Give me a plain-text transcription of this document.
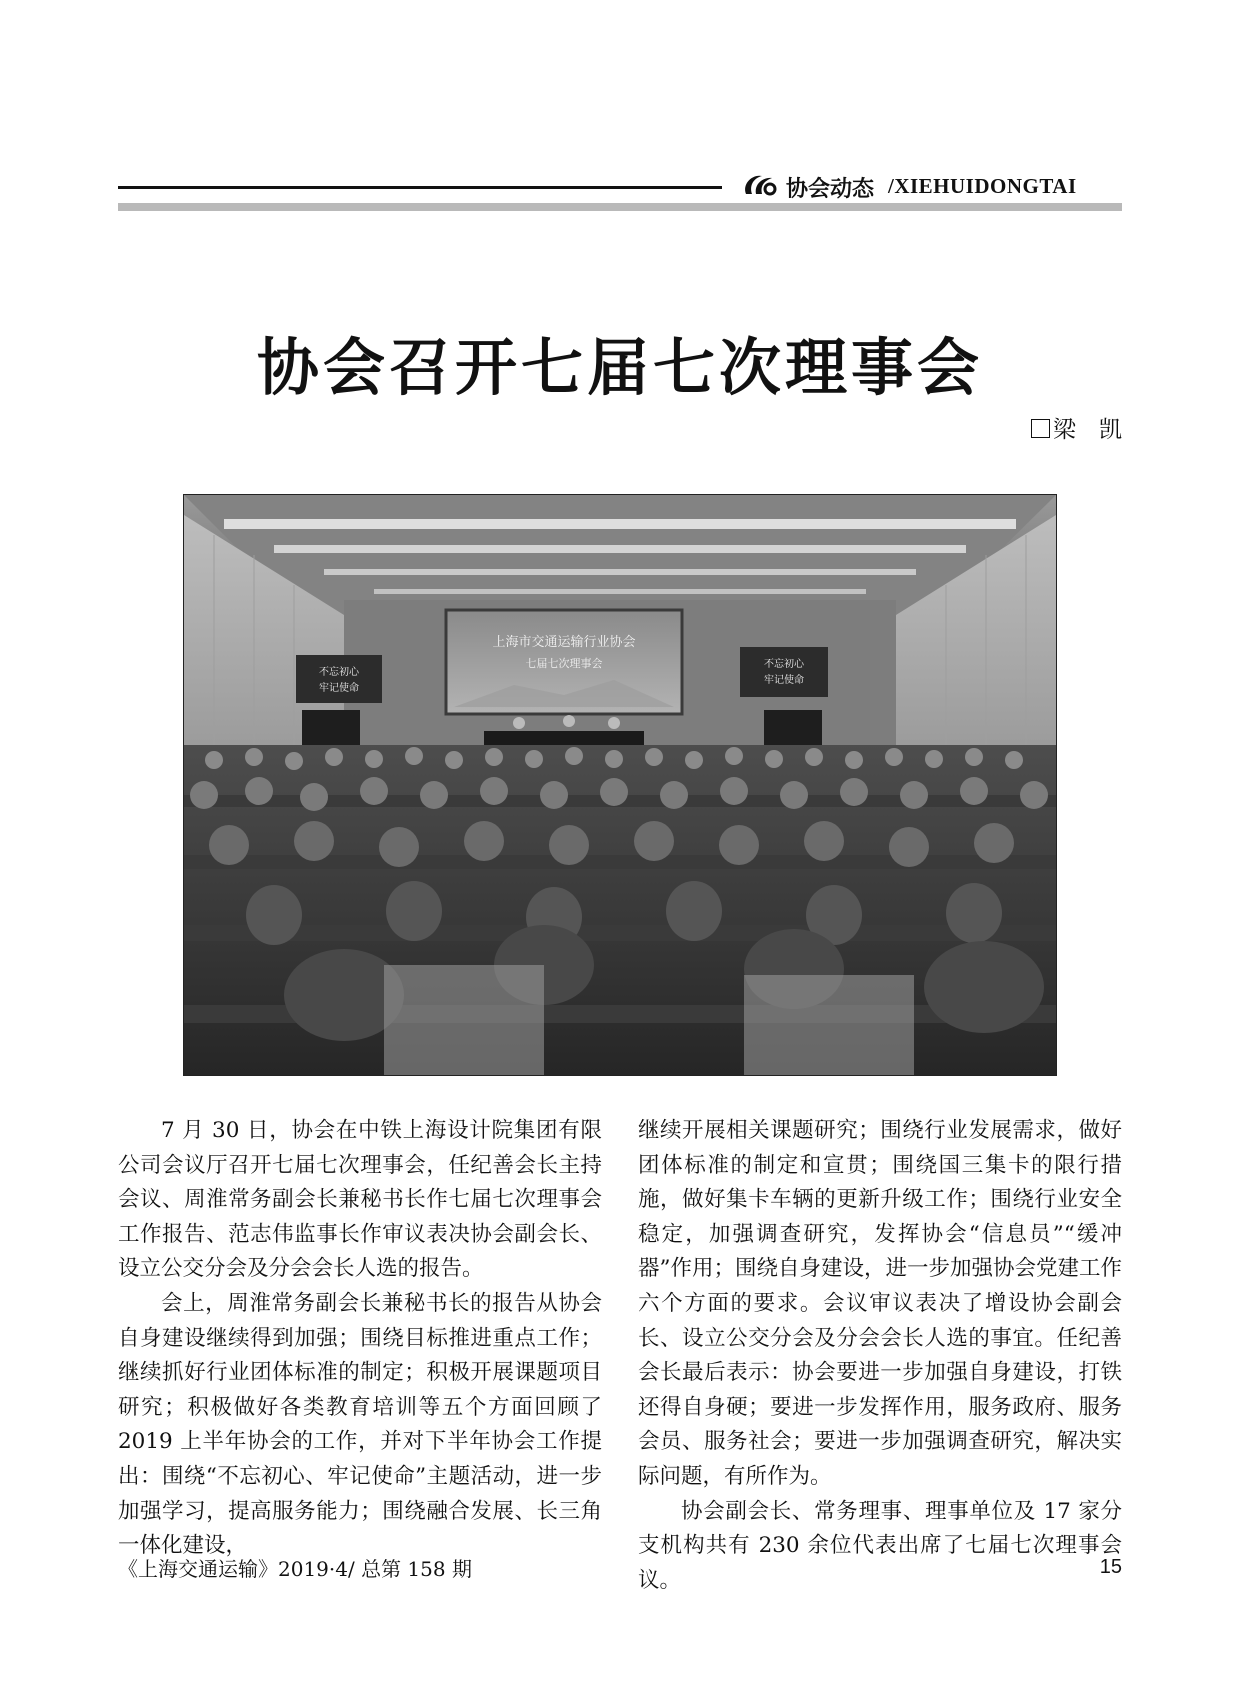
协会动态 /XIEHUIDONGTAI
协会召开七届七次理事会
梁　凯
上海市交通运输行业协会
七届七次理事会
不忘初心
牢记使命
不忘初心
牢记使命

7 月 30 日，协会在中铁上海设计院集团有限公司会议厅召开七届七次理事会，任纪善会长主持会议、周淮常务副会长兼秘书长作七届七次理事会工作报告、范志伟监事长作审议表决协会副会长、设立公交分会及分会会长人选的报告。

会上，周淮常务副会长兼秘书长的报告从协会自身建设继续得到加强；围绕目标推进重点工作；继续抓好行业团体标准的制定；积极开展课题项目研究；积极做好各类教育培训等五个方面回顾了 2019 上半年协会的工作，并对下半年协会工作提出：围绕“不忘初心、牢记使命”主题活动，进一步加强学习，提高服务能力；围绕融合发展、长三角一体化建设，

继续开展相关课题研究；围绕行业发展需求，做好团体标准的制定和宣贯；围绕国三集卡的限行措施，做好集卡车辆的更新升级工作；围绕行业安全稳定，加强调查研究，发挥协会“信息员”“缓冲器”作用；围绕自身建设，进一步加强协会党建工作六个方面的要求。会议审议表决了增设协会副会长、设立公交分会及分会会长人选的事宜。任纪善会长最后表示：协会要进一步加强自身建设，打铁还得自身硬；要进一步发挥作用，服务政府、服务会员、服务社会；要进一步加强调查研究，解决实际问题，有所作为。

协会副会长、常务理事、理事单位及 17 家分支机构共有 230 余位代表出席了七届七次理事会议。

《上海交通运输》2019·4/ 总第 158 期	15
